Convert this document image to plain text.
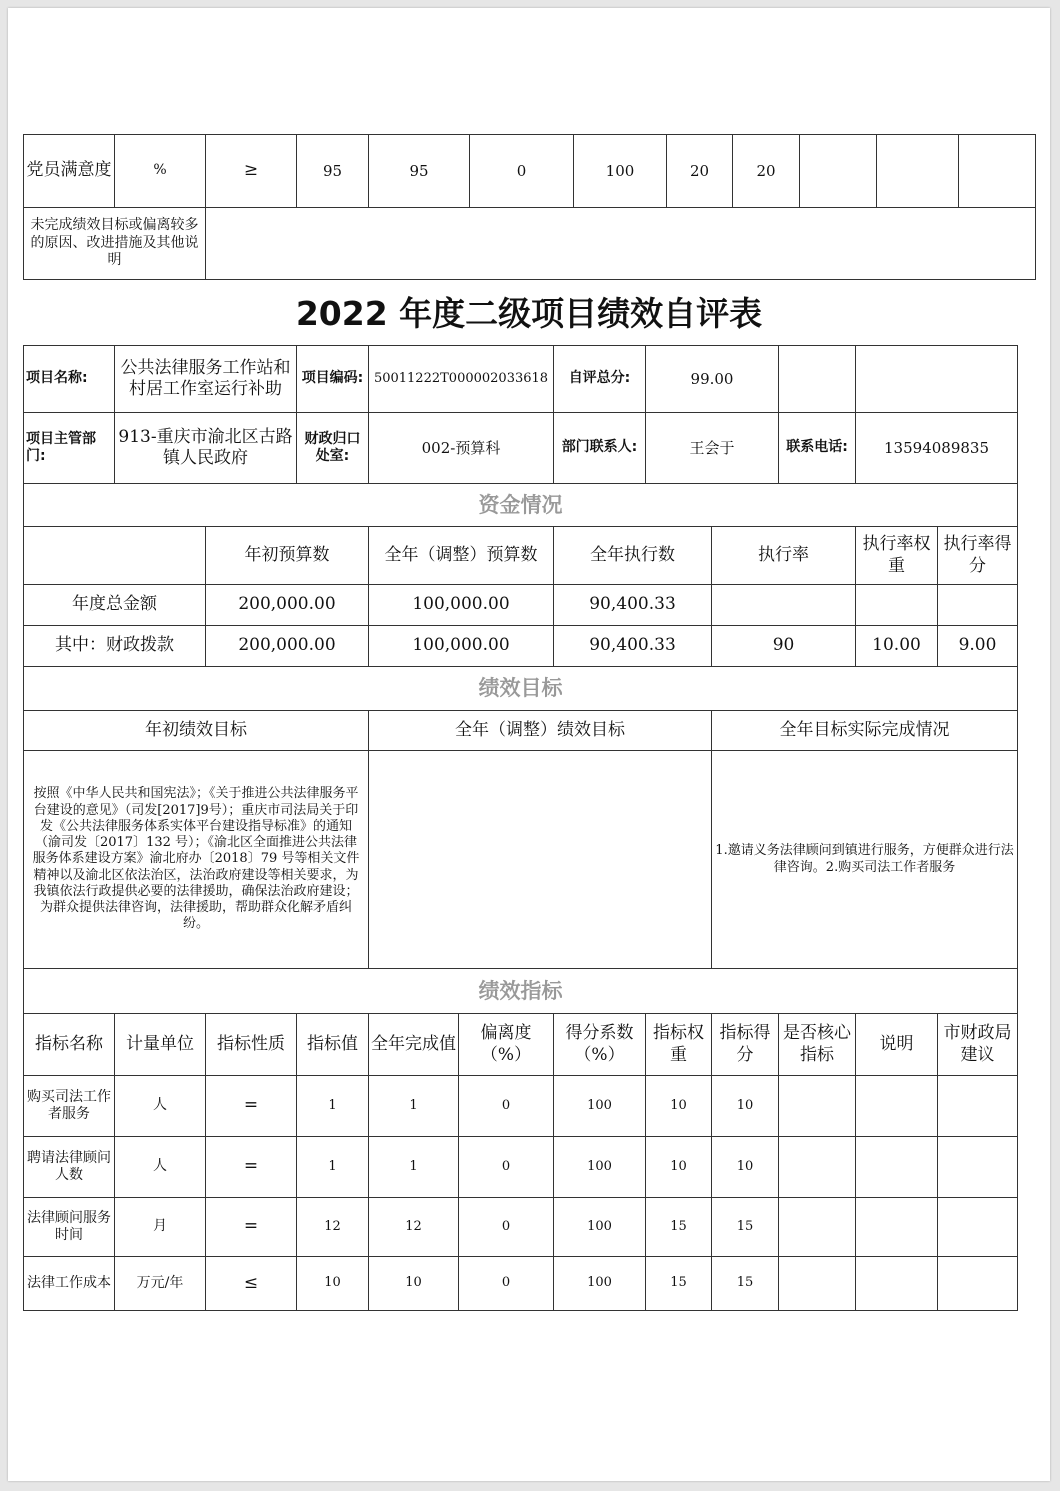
党员满意度	%	≥	95	95	0	100	20	20			
未完成绩效目标或偏离较多的原因、改进措施及其他说明											
2022 年度二级项目绩效自评表
项目名称:	公共法律服务工作站和村居工作室运行补助		项目编码:	50011222T000002033618		自评总分:	99.00				
项目主管部门:	913-重庆市渝北区古路镇人民政府		财政归口处室:	002-预算科		部门联系人:	王会于		联系电话:	13594089835	
资金情况											
		年初预算数		全年（调整）预算数		全年执行数		执行率		执行率权重	执行率得分
年度总金额		200,000.00		100,000.00		90,400.33					
其中：财政拨款		200,000.00		100,000.00		90,400.33		90		10.00	9.00
绩效目标											
年初绩效目标				全年（调整）绩效目标				全年目标实际完成情况			
按照《中华人民共和国宪法》；《关于推进公共法律服务平台建设的意见》（司发[2017]9号）；重庆市司法局关于印发《公共法律服务体系实体平台建设指导标准》的通知（渝司发〔2017〕132 号）；《渝北区全面推进公共法律服务体系建设方案》渝北府办〔2018〕79 号等相关文件精神以及渝北区依法治区，法治政府建设等相关要求，为我镇依法行政提供必要的法律援助，确保法治政府建设；为群众提供法律咨询，法律援助，帮助群众化解矛盾纠纷。								1.邀请义务法律顾问到镇进行服务，方便群众进行法律咨询。2.购买司法工作者服务			
绩效指标											
指标名称	计量单位	指标性质	指标值	全年完成值	偏离度（%）	得分系数（%）	指标权重	指标得分	是否核心指标	说明	市财政局建议
购买司法工作者服务	人	=	1	1	0	100	10	10			
聘请法律顾问人数	人	=	1	1	0	100	10	10			
法律顾问服务时间	月	=	12	12	0	100	15	15			
法律工作成本	万元/年	≤	10	10	0	100	15	15			
